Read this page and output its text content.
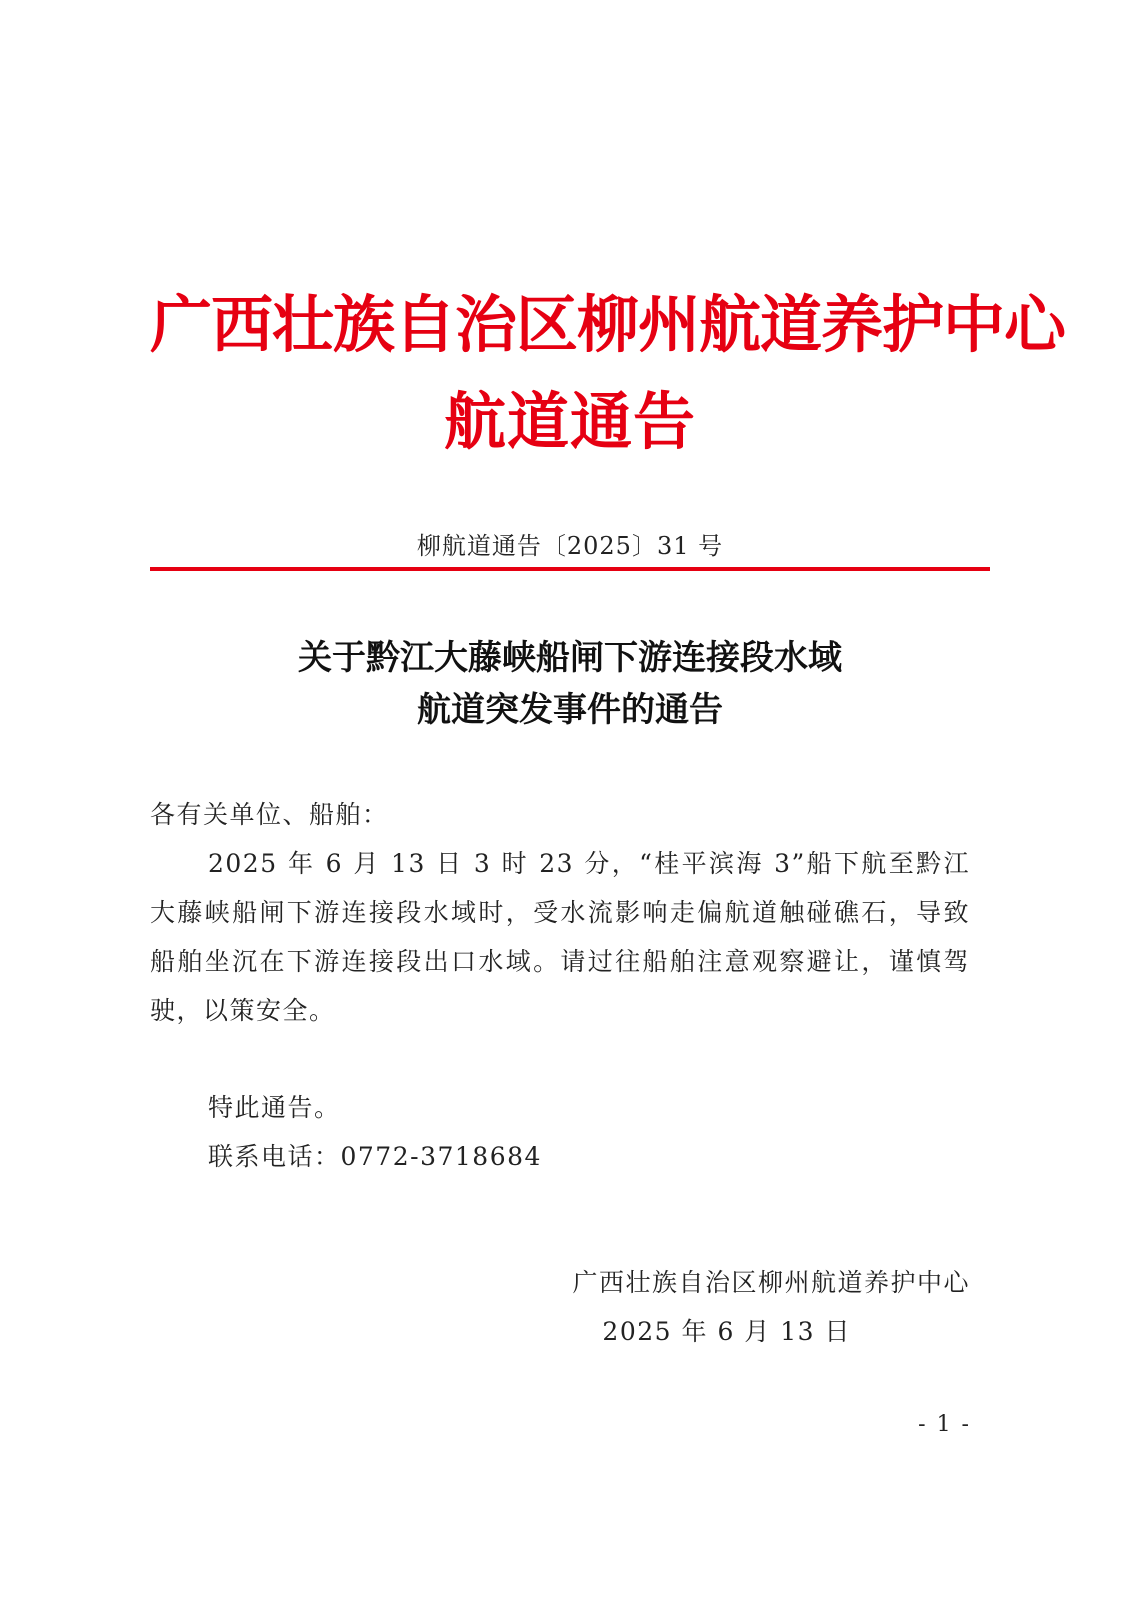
广西壮族自治区柳州航道养护中心
航道通告
柳航道通告〔2025〕31 号
关于黔江大藤峡船闸下游连接段水域
航道突发事件的通告
各有关单位、船舶：
2025 年 6 月 13 日 3 时 23 分，“桂平滨海 3”船下航至黔江大藤峡船闸下游连接段水域时，受水流影响走偏航道触碰礁石，导致船舶坐沉在下游连接段出口水域。请过往船舶注意观察避让，谨慎驾驶，以策安全。
特此通告。
联系电话：0772-3718684
广西壮族自治区柳州航道养护中心
2025 年 6 月 13 日
- 1 -
